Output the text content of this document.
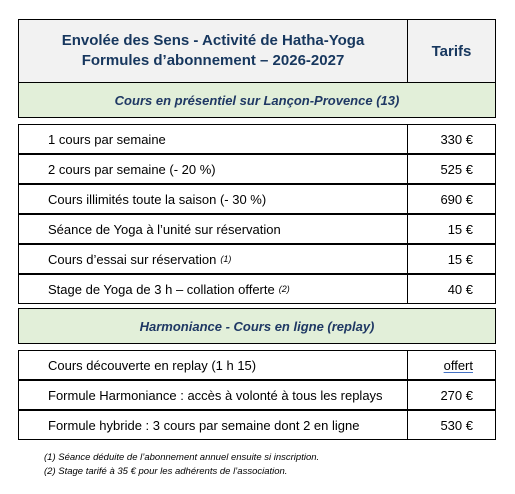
Envolée des Sens - Activité de Hatha-Yoga
Formules d’abonnement – 2026-2027
Tarifs
Cours en présentiel sur Lançon-Provence (13)
1 cours par semaine	330 €
2 cours par semaine (- 20 %)	525 €
Cours illimités toute la saison (- 30 %)	690 €
Séance de Yoga à l’unité sur réservation	15 €
Cours d’essai sur réservation (1)	15 €
Stage de Yoga de 3 h – collation offerte (2)	40 €
Harmoniance - Cours en ligne (replay)
Cours découverte en replay (1 h 15)	offert
Formule Harmoniance : accès à volonté à tous les replays	270 €
Formule hybride : 3 cours par semaine dont 2 en ligne	530 €
(1) Séance déduite de l’abonnement annuel ensuite si inscription.
(2) Stage tarifé à 35 € pour les adhérents de l’association.
